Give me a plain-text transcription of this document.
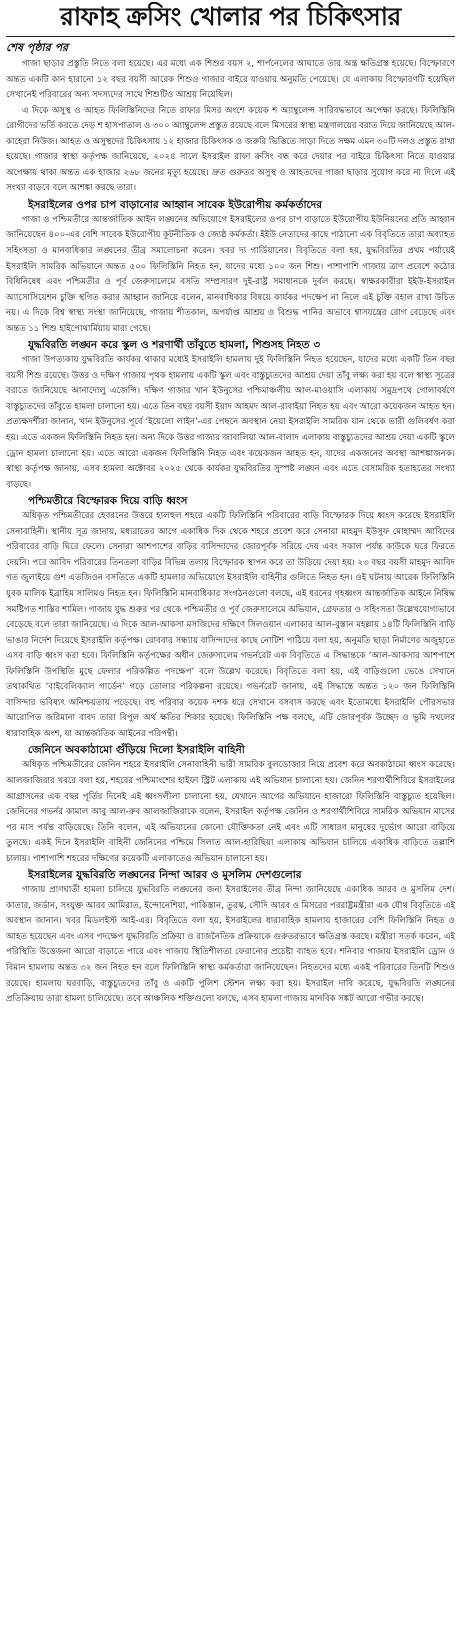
রাফাহ ক্রসিং খোলার পর চিকিৎসার
শেষ পৃষ্ঠার পর

গাজা ছাড়ার প্রস্তুতি নিতে বলা হয়েছে। এর মধ্যে এক শিশুর বয়স ২, শার্পনেলের আঘাতে তার অন্ত্র ক্ষতিগ্রস্ত হয়েছে। বিস্ফোরণে অন্তত একটি কান হারানো ১২ বছর বয়সী আরেক শিশুও গাজার বাইরে যাওয়ার অনুমতি পেয়েছে। যে এলাকায় বিস্ফোরণটি হয়েছিল সেখানেই পরিবারের অন্য সদস্যদের সাথে শিশুটিও আশ্রয় নিয়েছিল।

এ দিকে অসুস্থ ও আহত ফিলিস্তিনিদের নিতে রাফার মিসর অংশে কয়েক শ অ্যাম্বুলেন্স সারিবদ্ধভাবে অপেক্ষা করছে। ফিলিস্তিনি রোগীদের ভর্তি করতে দেড় শ হাসপাতাল ও ৩০০ অ্যাম্বুলেন্স প্রস্তুত রয়েছে বলে মিসরের স্বাস্থ্য মন্ত্রণালয়ের বরাত দিয়ে জানিয়েছে আল-কাহেরা নিউজ। আহত ও অসুস্থদের চিকিৎসায় ১২ হাজার চিকিৎসক ও জরুরি ভিত্তিতে সাড়া দিতে সক্ষম এমন ৩০টি দলও প্রস্তুত রাখা হয়েছে। গাজার স্বাস্থ্য কর্তৃপক্ষ জানিয়েছে, ২০২৪ সালে ইসরাইল রাফা ক্রসিং বন্ধ করে দেয়ার পর বাইরে চিকিৎসা নিতে যাওয়ার অপেক্ষায় থাকা অন্তত এক হাজার ২৬৮ জনের মৃত্যু হয়েছে। দ্রুত গুরুতর অসুস্থ ও আহতদের গাজা ছাড়ার সুযোগ করে না দিলে এই সংখ্যা বাড়বে বলে আশঙ্কা করছে তারা।

ইসরাইলের ওপর চাপ বাড়ানোর আহ্বান সাবেক ইউরোপীয় কর্মকর্তাদের

গাজা ও পশ্চিমতীরে আন্তর্জাতিক আইন লঙ্ঘনের অভিযোগে ইসরাইলের ওপর চাপ বাড়াতে ইউরোপীয় ইউনিয়নের প্রতি আহ্বান জানিয়েছেন ৪০০-এর বেশি সাবেক ইউরোপীয় কূটনীতিক ও জ্যেষ্ঠ কর্মকর্তা। ইইউ নেতাদের কাছে পাঠানো এক বিবৃতিতে তারা অব্যাহত সহিংসতা ও মানবাধিকার লঙ্ঘনের তীব্র সমালোচনা করেন। খবর দ্য গার্ডিয়ানের। বিবৃতিতে বলা হয়, যুদ্ধবিরতির প্রথম পর্যায়েই ইসরাইলি সামরিক অভিযানে অন্তত ৫০০ ফিলিস্তিনি নিহত হন, যাদের মধ্যে ১০০ জন শিশু। পাশাপাশি গাজায় ত্রাণ প্রবেশে কঠোর বিধিনিষেধ এবং পশ্চিমতীর ও পূর্ব জেরুসালেমে বসতি সম্প্রসারণ দুই-রাষ্ট্র সমাধানকে দুর্বল করছে। স্বাক্ষরকারীরা ইইউ-ইসরাইল অ্যাসোসিয়েশন চুক্তি স্থগিত করার আহ্বান জানিয়ে বলেন, মানবাধিকার বিষয়ে কার্যকর পদক্ষেপ না নিলে এই চুক্তি বহাল রাখা উচিত নয়। এ দিকে বিশ্ব স্বাস্থ্য সংস্থা জানিয়েছে, গাজায় শীতকাল, অপর্যাপ্ত আশ্রয় ও বিশুদ্ধ পানির অভাবে শ্বাসযন্ত্রের রোগ বেড়েছে এবং অন্তত ১১ শিশু হাইপোথার্মিয়ায় মারা গেছে।

যুদ্ধবিরতি লঙ্ঘন করে স্কুল ও শরণার্থী তাঁবুতে হামলা, শিশুসহ নিহত ৩

গাজা উপত্যকায় যুদ্ধবিরতি কার্যকর থাকার মধ্যেই ইসরাইলি হামলায় দুই ফিলিস্তিনি নিহত হয়েছেন, যাদের মধ্যে একটি তিন বছর বয়সী শিশু রয়েছে। উত্তর ও দক্ষিণ গাজায় পৃথক হামলায় একটি স্কুল এবং বাস্তুচ্যুতদের আশ্রয় দেয়া তাঁবু লক্ষ্য করা হয় বলে স্বাস্থ্য সূত্রের বরাতে জানিয়েছে আনাদোলু এজেন্সি। দক্ষিণ গাজার খান ইউনুসের পশ্চিমাঞ্চলীয় আল-মাওয়াসি এলাকায় সমুদ্রপথে গোলাবর্ষণে বাস্তুচ্যুতদের তাঁবুতে হামলা চালানো হয়। এতে তিন বছর বয়সী ইয়াদ আহমদ আল-রাবাইয়া নিহত হয় এবং আরো কয়েকজন আহত হন। প্রত্যক্ষদর্শীরা জানান, খান ইউনুসের পূর্বে ‘ইয়েলো লাইন’-এর পেছনে অবস্থান নেয়া ইসরাইলি সামরিক যান থেকে ভারী গুলিবর্ষণ করা হয়। এতে একজন ফিলিস্তিনি নিহত হন। অন্য দিকে উত্তর গাজার জাবালিয়া আল-বালাদ এলাকায় বাস্তুচ্যুতদের আশ্রয় দেয়া একটি স্কুলে ড্রোন হামলা চালানো হয়। এতে আরো একজন ফিলিস্তিনি নিহত এবং কয়েকজন আহত হন, যাদের একজনের অবস্থা আশঙ্কাজনক। স্বাস্থ্য কর্তৃপক্ষ জানায়, এসব হামলা অক্টোবর ২০২৫ থেকে কার্যকর যুদ্ধবিরতির সুস্পষ্ট লঙ্ঘন এবং এতে বেসামরিক হতাহতের সংখ্যা বাড়ছে।

পশ্চিমতীরে বিস্ফোরক দিয়ে বাড়ি ধ্বংস

অধিকৃত পশ্চিমতীরের হেবরনের উত্তরে হালহুল শহরে একটি ফিলিস্তিনি পরিবারের বাড়ি বিস্ফোরক দিয়ে ধ্বংস করেছে ইসরাইলি সেনাবাহিনী। স্থানীয় সূত্র জানায়, মধ্যরাতের আগে একাধিক দিক থেকে শহরে প্রবেশ করে সেনারা মাহমুদ ইউসুফ মোহাম্মদ আবিদের পরিবারের বাড়ি ঘিরে ফেলে। সেনারা আশপাশের বাড়ির বাসিন্দাদের জোরপূর্বক সরিয়ে দেয় এবং সকাল পর্যন্ত কাউকে ঘরে ফিরতে দেয়নি। পরে আবিদ পরিবারের তিনতলা বাড়ির বিভিন্ন তলায় বিস্ফোরক স্থাপন করে তা উড়িয়ে দেয়া হয়। ২৩ বছর বয়সী মাহমুদ আবিদ গত জুলাইয়ে গুশ এতজিওন বসতিতে একটি হামলার অভিযোগে ইসরাইলি বাহিনীর গুলিতে নিহত হন। ওই ঘটনায় আরেক ফিলিস্তিনি যুবক মালিক ইব্রাহিম সালিমও নিহত হন। ফিলিস্তিনি মানবাধিকার সংগঠনগুলো বলছে, এই ধরনের গৃহধ্বংস আন্তর্জাতিক আইনে নিষিদ্ধ সমষ্টিগত শাস্তির শামিল। গাজায় যুদ্ধ শুরুর পর থেকে পশ্চিমতীর ও পূর্ব জেরুসালেমে অভিযান, গ্রেফতার ও সহিংসতা উল্লেখযোগ্যভাবে বেড়েছে বলে তারা জানিয়েছে। এ দিকে আল-আকসা মসজিদের দক্ষিণে সিলওয়ান এলাকার আল-বুস্তান মহল্লায় ১৪টি ফিলিস্তিনি বাড়ি ভাঙার নির্দেশ দিয়েছে ইসরাইলি কর্তৃপক্ষ। রোববার সন্ধ্যায় বাসিন্দাদের কাছে নোটিশ পাঠিয়ে বলা হয়, অনুমতি ছাড়া নির্মাণের অজুহাতে এসব বাড়ি ধ্বংস করা হবে। ফিলিস্তিনি কর্তৃপক্ষের অধীন জেরুসালেম গভর্নরেট এক বিবৃতিতে এ সিদ্ধান্তকে ‘আল-আকসার আশপাশে ফিলিস্তিনি উপস্থিতি মুছে ফেলার পরিকল্পিত পদক্ষেপ’ বলে উল্লেখ করেছে। বিবৃতিতে বলা হয়, এই বাড়িগুলো ভেঙে সেখানে তথাকথিত ‘বাইবেলিক্যাল গার্ডেন’ গড়ে তোলার পরিকল্পনা রয়েছে। গভর্নরেট জানায়, এই সিদ্ধান্তে অন্তত ১২০ জন ফিলিস্তিনি বাসিন্দার ভবিষ্যৎ অনিশ্চয়তায় পড়েছে। বহু পরিবার কয়েক দশক ধরে সেখানে বসবাস করছে এবং ইতোমধ্যে ইসরাইলি পৌরসভার আরোপিত জরিমানা বাবদ তারা বিপুল অর্থ ক্ষতির শিকার হয়েছে। ফিলিস্তিনি পক্ষ বলছে, এটি জোরপূর্বক উচ্ছেদ ও ভূমি দখলের ধারাবাহিক অংশ, যা আন্তর্জাতিক আইনের পরিপন্থী।

জেনিনে অবকাঠামো গুঁড়িয়ে দিলো ইসরাইলি বাহিনী

অধিকৃত পশ্চিমতীরের জেনিন শহরে ইসরাইলি সেনাবাহিনী ভারী সামরিক বুলডোজার নিয়ে প্রবেশ করে অবকাঠামো ধ্বংস করেছে। আলজাজিরার খবরে বলা হয়, শহরের পশ্চিমাংশের হাইফা স্ট্রিট এলাকায় এই অভিযান চালানো হয়। জেনিন শরণার্থীশিবিরে ইসরাইলের আগ্রাসনের এক বছর পূর্তির দিনেই এই ধ্বংসলীলা চালানো হয়, যেখানে আগের অভিযানে হাজারো ফিলিস্তিনি বাস্তুচ্যুত হয়েছিল। জেনিনের গভর্নর কামাল আবু আল-রুব আলজাজিরাকে বলেন, ইসরাইল কর্তৃপক্ষ জেনিন ও শরণার্থীশিবিরে সামরিক অভিযান মাসের পর মাস পর্যন্ত বাড়িয়েছে। তিনি বলেন, এই অভিযানের কোনো যৌক্তিকতা নেই এবং এটি সাধারণ মানুষের দুর্ভোগ আরো বাড়িয়ে তুলছে। একই দিনে ইসরাইলি বাহিনী জেনিনের পশ্চিমে সিলাত আল-হারিছিয়া এলাকায় অভিযান চালিয়ে একাধিক বাড়িতে তল্লাশি চালায়। পাশাপাশি শহরের দক্ষিণের কয়েকটি এলাকাতেও অভিযান চালানো হয়।

ইসরাইলের যুদ্ধবিরতি লঙ্ঘনের নিন্দা আরব ও মুসলিম দেশগুলোর

গাজায় প্রাণঘাতী হামলা চালিয়ে যুদ্ধবিরতি লঙ্ঘনের জন্য ইসরাইলের তীব্র নিন্দা জানিয়েছে একাধিক আরব ও মুসলিম দেশ। কাতার, জর্ডান, সংযুক্ত আরব আমিরাত, ইন্দোনেশিয়া, পাকিস্তান, তুরস্ক, সৌদি আরব ও মিসরের পররাষ্ট্রমন্ত্রীরা এক যৌথ বিবৃতিতে এই অবস্থান জানান। খবর মিডলইস্ট আই-এর। বিবৃতিতে বলা হয়, ইসরাইলের ধারাবাহিক হামলায় হাজারের বেশি ফিলিস্তিনি নিহত ও আহত হয়েছেন এবং এসব পদক্ষেপ যুদ্ধবিরতি প্রক্রিয়া ও রাজনৈতিক প্রক্রিয়াকে গুরুতরভাবে ক্ষতিগ্রস্ত করছে। মন্ত্রীরা সতর্ক করেন, এই পরিস্থিতি উত্তেজনা আরো বাড়াতে পারে এবং গাজায় স্থিতিশীলতা ফেরানোর প্রচেষ্টা ব্যাহত হবে। শনিবার গাজায় ইসরাইলি ড্রোন ও বিমান হামলায় অন্তত ৩২ জন নিহত হন বলে ফিলিস্তিনি স্বাস্থ্য কর্মকর্তারা জানিয়েছেন। নিহতদের মধ্যে একই পরিবারের তিনটি শিশুও রয়েছে। হামলায় ঘরবাড়ি, বাস্তুচ্যুতদের তাঁবু ও একটি পুলিশ স্টেশন লক্ষ্য করা হয়। ইসরাইল দাবি করেছে, যুদ্ধবিরতি লঙ্ঘনের প্রতিক্রিয়ায় তারা হামলা চালিয়েছে। তবে আঞ্চলিক শক্তিগুলো বলছে, এসব হামলা গাজায় মানবিক সঙ্কট আরো গভীর করছে।
